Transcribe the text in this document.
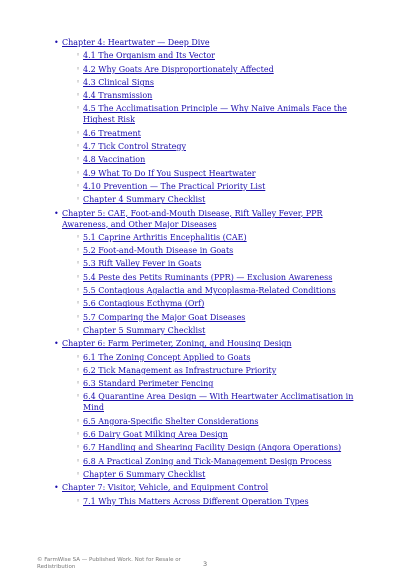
• Chapter 4: Heartwater — Deep Dive
◦ 4.1 The Organism and Its Vector
◦ 4.2 Why Goats Are Disproportionately Affected
◦ 4.3 Clinical Signs
◦ 4.4 Transmission
◦ 4.5 The Acclimatisation Principle — Why Naive Animals Face the Highest Risk
◦ 4.6 Treatment
◦ 4.7 Tick Control Strategy
◦ 4.8 Vaccination
◦ 4.9 What To Do If You Suspect Heartwater
◦ 4.10 Prevention — The Practical Priority List
◦ Chapter 4 Summary Checklist
• Chapter 5: CAE, Foot-and-Mouth Disease, Rift Valley Fever, PPR Awareness, and Other Major Diseases
◦ 5.1 Caprine Arthritis Encephalitis (CAE)
◦ 5.2 Foot-and-Mouth Disease in Goats
◦ 5.3 Rift Valley Fever in Goats
◦ 5.4 Peste des Petits Ruminants (PPR) — Exclusion Awareness
◦ 5.5 Contagious Agalactia and Mycoplasma-Related Conditions
◦ 5.6 Contagious Ecthyma (Orf)
◦ 5.7 Comparing the Major Goat Diseases
◦ Chapter 5 Summary Checklist
• Chapter 6: Farm Perimeter, Zoning, and Housing Design
◦ 6.1 The Zoning Concept Applied to Goats
◦ 6.2 Tick Management as Infrastructure Priority
◦ 6.3 Standard Perimeter Fencing
◦ 6.4 Quarantine Area Design — With Heartwater Acclimatisation in Mind
◦ 6.5 Angora-Specific Shelter Considerations
◦ 6.6 Dairy Goat Milking Area Design
◦ 6.7 Handling and Shearing Facility Design (Angora Operations)
◦ 6.8 A Practical Zoning and Tick-Management Design Process
◦ Chapter 6 Summary Checklist
• Chapter 7: Visitor, Vehicle, and Equipment Control
◦ 7.1 Why This Matters Across Different Operation Types
© FarmWise SA — Published Work. Not for Resale or Redistribution	3
